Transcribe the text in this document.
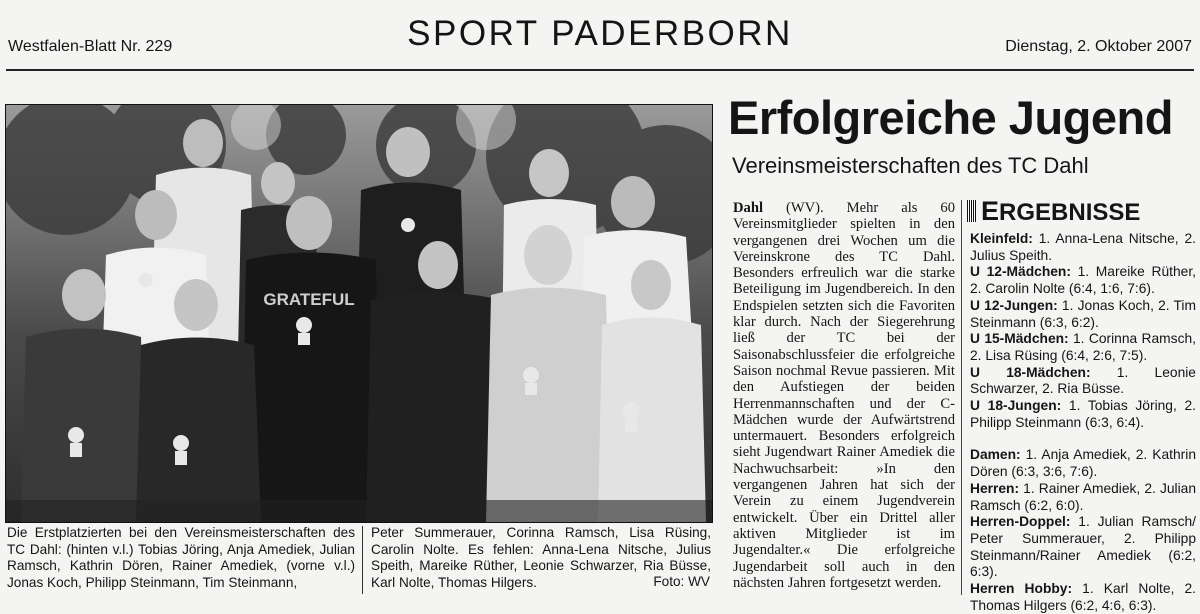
Westfalen-Blatt Nr. 229	SPORT PADERBORN	Dienstag, 2. Oktober 2007
GRATEFUL
Die Erstplatzierten bei den Vereinsmeisterschaften des TC Dahl: (hinten v.l.) Tobias Jöring, Anja Amediek, Julian Ramsch, Kathrin Dören, Rainer Amediek, (vorne v.l.) Jonas Koch, Philipp Steinmann, Tim Steinmann,
Peter Summerauer, Corinna Ramsch, Lisa Rüsing, Carolin Nolte. Es fehlen: Anna-Lena Nitsche, Julius Speith, Mareike Rüther, Leonie Schwarzer, Ria Büsse, Karl Nolte, Thomas Hilgers.	Foto: WV
Erfolgreiche Jugend
Vereinsmeisterschaften des TC Dahl
Dahl (WV). Mehr als 60 Vereinsmitglieder spielten in den vergangenen drei Wochen um die Vereinskrone des TC Dahl. Besonders erfreulich war die starke Beteiligung im Jugendbereich. In den Endspielen setzten sich die Favoriten klar durch. Nach der Siegerehrung ließ der TC bei der Saisonabschlussfeier die erfolgreiche Saison nochmal Revue passieren. Mit den Aufstiegen der beiden Herrenmannschaften und der C-Mädchen wurde der Aufwärtstrend untermauert. Besonders erfolgreich sieht Jugendwart Rainer Amediek die Nachwuchsarbeit: »In den vergangenen Jahren hat sich der Verein zu einem Jugendverein entwickelt. Über ein Drittel aller aktiven Mitglieder ist im Jugendalter.« Die erfolgreiche Jugendarbeit soll auch in den nächsten Jahren fortgesetzt werden.
ERGEBNISSE
Kleinfeld: 1. Anna-Lena Nitsche, 2. Julius Speith.
U 12-Mädchen: 1. Mareike Rüther, 2. Carolin Nolte (6:4, 1:6, 7:6).
U 12-Jungen: 1. Jonas Koch, 2. Tim Steinmann (6:3, 6:2).
U 15-Mädchen: 1. Corinna Ramsch, 2. Lisa Rüsing (6:4, 2:6, 7:5).
U 18-Mädchen: 1. Leonie Schwarzer, 2. Ria Büsse.
U 18-Jungen: 1. Tobias Jöring, 2. Philipp Steinmann (6:3, 6:4).
Damen: 1. Anja Amediek, 2. Kathrin Dören (6:3, 3:6, 7:6).
Herren: 1. Rainer Amediek, 2. Julian Ramsch (6:2, 6:0).
Herren-Doppel: 1. Julian Ramsch/ Peter Summerauer, 2. Philipp Steinmann/Rainer Amediek (6:2, 6:3).
Herren Hobby: 1. Karl Nolte, 2. Thomas Hilgers (6:2, 4:6, 6:3).
